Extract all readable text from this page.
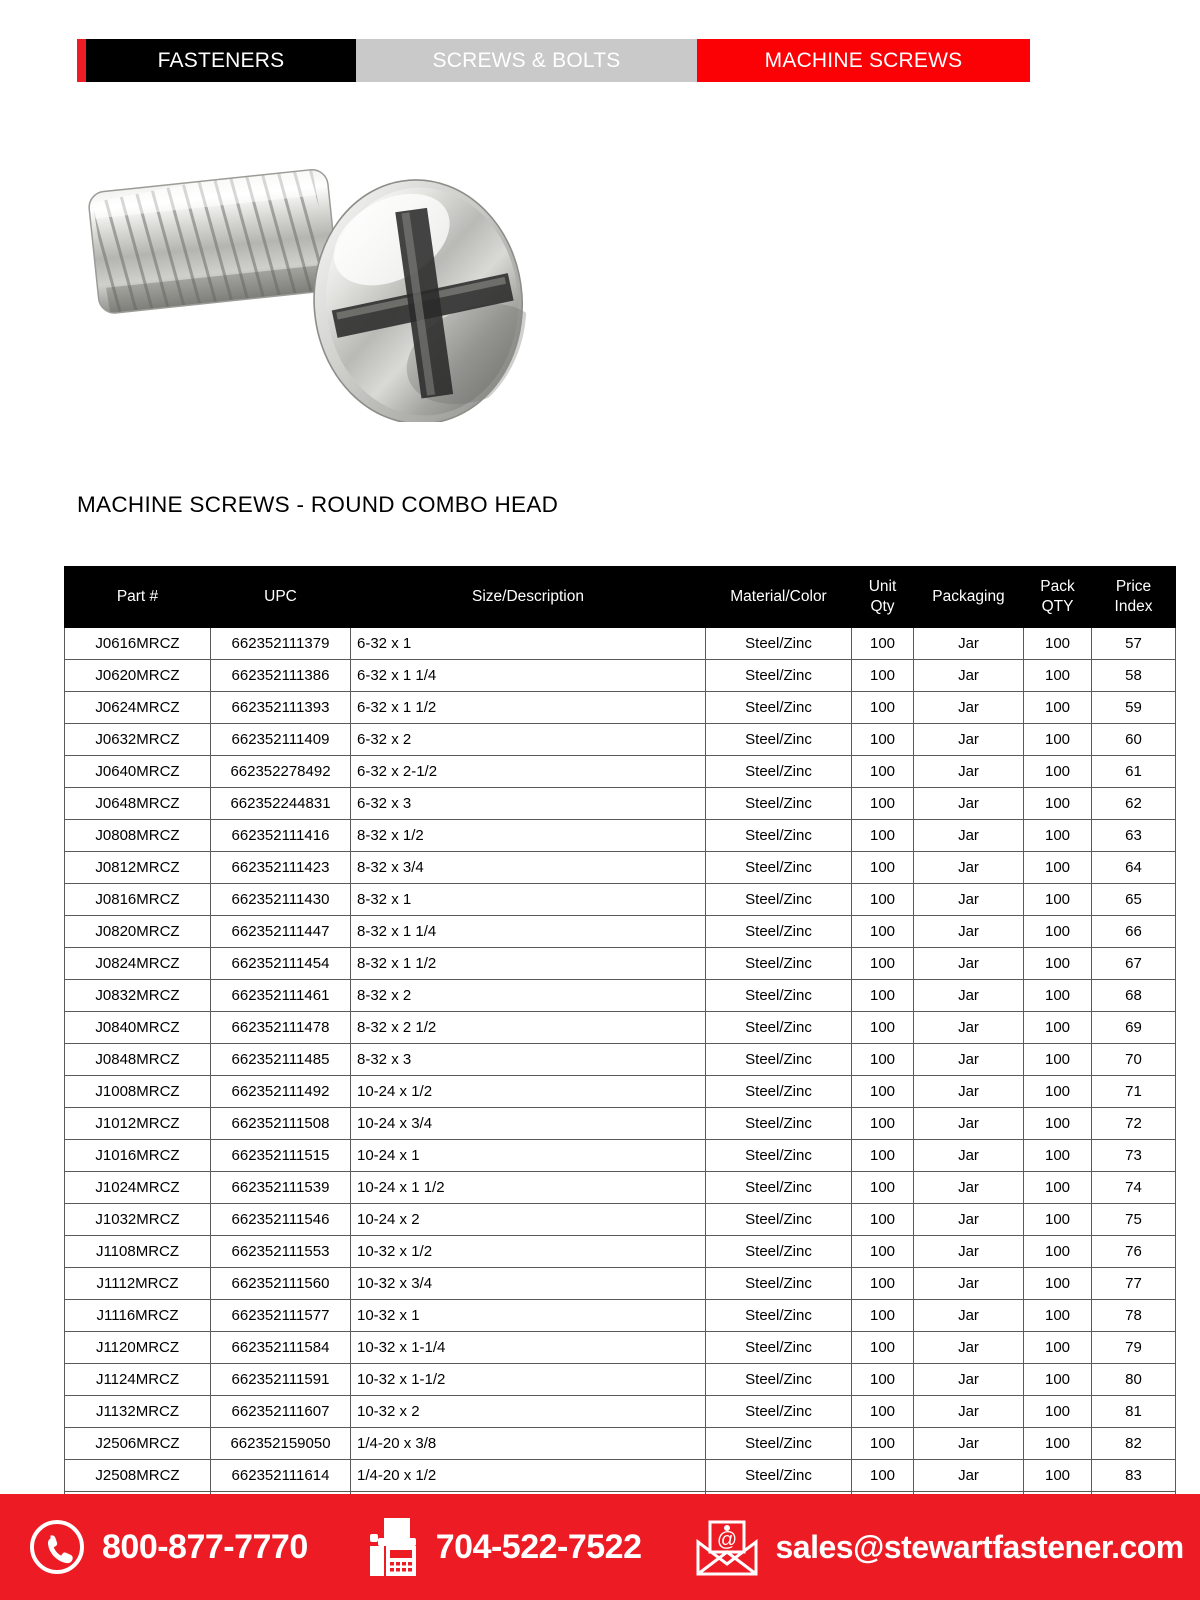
FASTENERS	SCREWS & BOLTS	MACHINE SCREWS
MACHINE SCREWS - ROUND COMBO HEAD
Part #	UPC	Size/Description	Material/Color	Unit Qty	Packaging	Pack QTY	Price Index
J0616MRCZ	662352111379	6-32 x 1	Steel/Zinc	100	Jar	100	57
J0620MRCZ	662352111386	6-32 x 1 1/4	Steel/Zinc	100	Jar	100	58
J0624MRCZ	662352111393	6-32 x 1 1/2	Steel/Zinc	100	Jar	100	59
J0632MRCZ	662352111409	6-32 x 2	Steel/Zinc	100	Jar	100	60
J0640MRCZ	662352278492	6-32 x 2-1/2	Steel/Zinc	100	Jar	100	61
J0648MRCZ	662352244831	6-32 x 3	Steel/Zinc	100	Jar	100	62
J0808MRCZ	662352111416	8-32 x 1/2	Steel/Zinc	100	Jar	100	63
J0812MRCZ	662352111423	8-32 x 3/4	Steel/Zinc	100	Jar	100	64
J0816MRCZ	662352111430	8-32 x 1	Steel/Zinc	100	Jar	100	65
J0820MRCZ	662352111447	8-32 x 1 1/4	Steel/Zinc	100	Jar	100	66
J0824MRCZ	662352111454	8-32 x 1 1/2	Steel/Zinc	100	Jar	100	67
J0832MRCZ	662352111461	8-32 x 2	Steel/Zinc	100	Jar	100	68
J0840MRCZ	662352111478	8-32 x 2 1/2	Steel/Zinc	100	Jar	100	69
J0848MRCZ	662352111485	8-32 x 3	Steel/Zinc	100	Jar	100	70
J1008MRCZ	662352111492	10-24 x 1/2	Steel/Zinc	100	Jar	100	71
J1012MRCZ	662352111508	10-24 x 3/4	Steel/Zinc	100	Jar	100	72
J1016MRCZ	662352111515	10-24 x 1	Steel/Zinc	100	Jar	100	73
J1024MRCZ	662352111539	10-24 x 1 1/2	Steel/Zinc	100	Jar	100	74
J1032MRCZ	662352111546	10-24 x 2	Steel/Zinc	100	Jar	100	75
J1108MRCZ	662352111553	10-32 x 1/2	Steel/Zinc	100	Jar	100	76
J1112MRCZ	662352111560	10-32 x 3/4	Steel/Zinc	100	Jar	100	77
J1116MRCZ	662352111577	10-32 x 1	Steel/Zinc	100	Jar	100	78
J1120MRCZ	662352111584	10-32 x 1-1/4	Steel/Zinc	100	Jar	100	79
J1124MRCZ	662352111591	10-32 x 1-1/2	Steel/Zinc	100	Jar	100	80
J1132MRCZ	662352111607	10-32 x 2	Steel/Zinc	100	Jar	100	81
J2506MRCZ	662352159050	1/4-20 x 3/8	Steel/Zinc	100	Jar	100	82
J2508MRCZ	662352111614	1/4-20 x 1/2	Steel/Zinc	100	Jar	100	83

800-877-7770	704-522-7522	@ sales@stewartfastener.com
